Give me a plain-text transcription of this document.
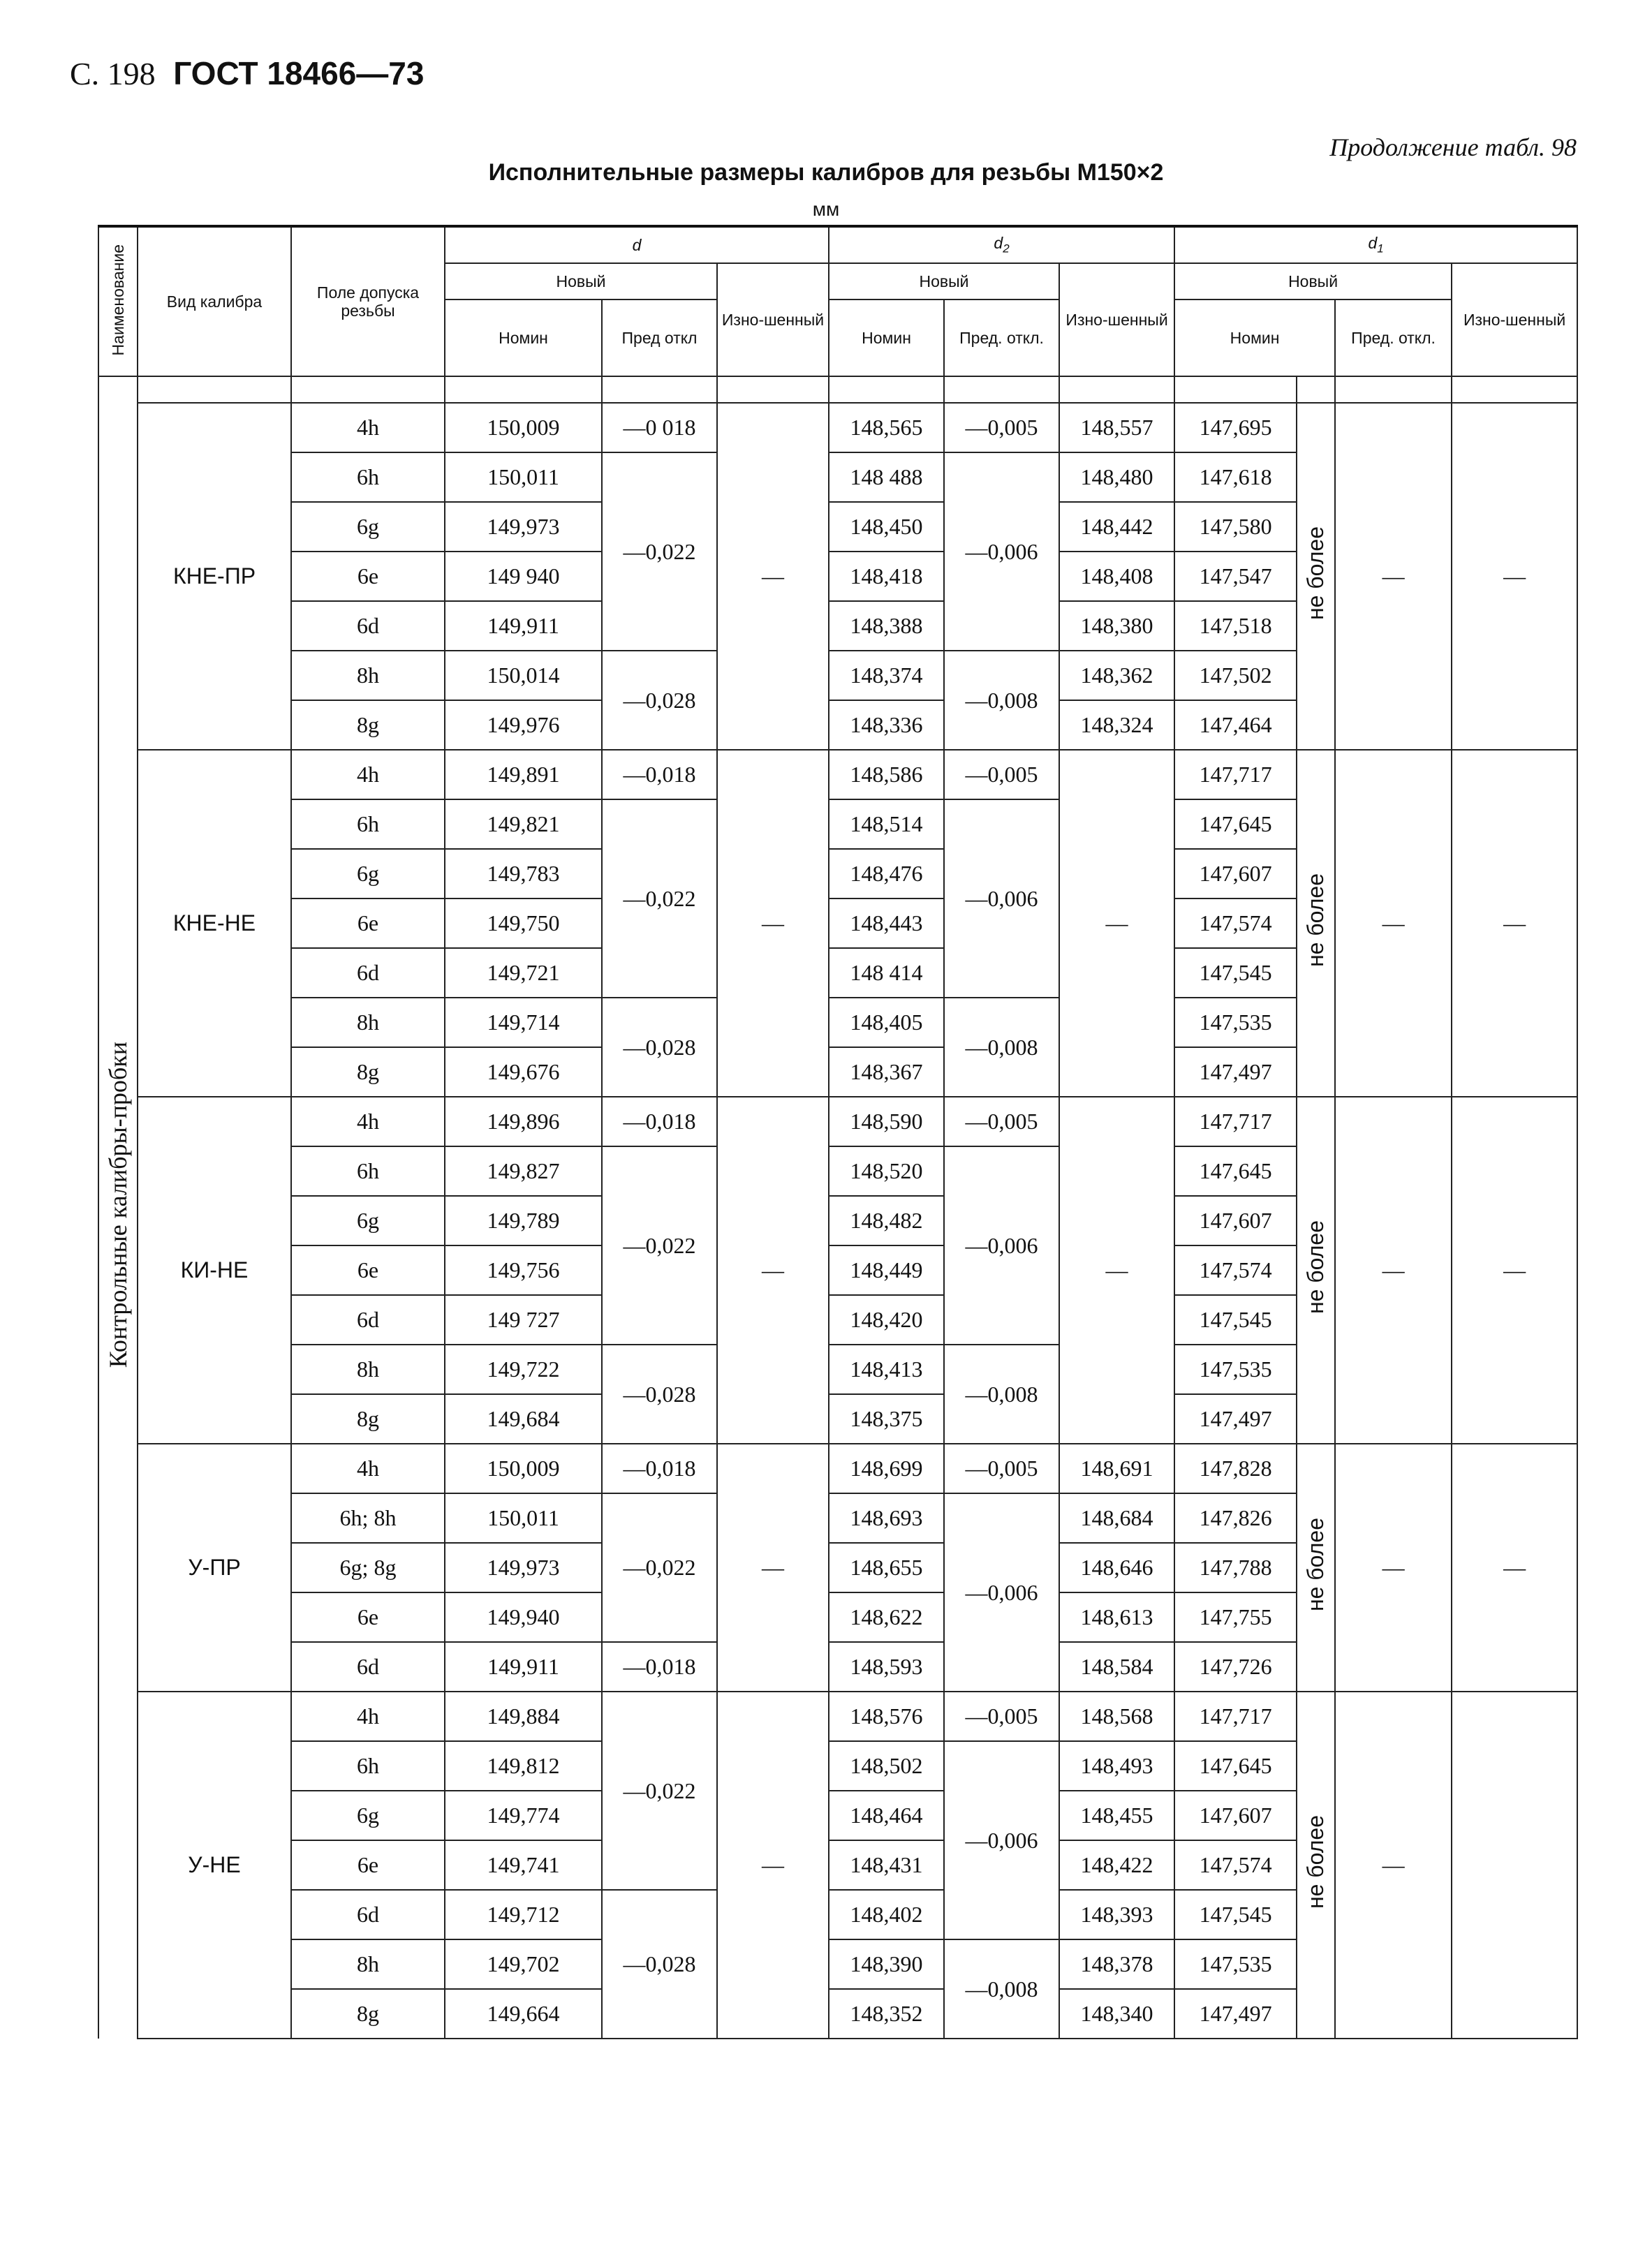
С. 198 ГОСТ 18466—73
Продолжение табл. 98
Исполнительные размеры калибров для резьбы М150×2
мм
Наименование	Вид калибра	Поле допуска резьбы	d			$d_2$			$d_1$
			Новый		Изно-шенный	Новый		Изно-шенный	Новый			Изно-шенный
			Номин	Пред откл		Номин	Пред. откл.		Номин		Пред. откл.	
Контрольные калибры-пробки												
	КНЕ-ПР	4h	150,009	—0 018	—	148,565	—0,005	148,557	147,695	не более	—	—
		6h	150,011	—0,022		148 488	—0,006	148,480	147,618			
		6g	149,973			148,450		148,442	147,580			
		6e	149 940			148,418		148,408	147,547			
		6d	149,911			148,388		148,380	147,518			
		8h	150,014	—0,028		148,374	—0,008	148,362	147,502			
		8g	149,976			148,336		148,324	147,464			
	КНЕ-НЕ	4h	149,891	—0,018	—	148,586	—0,005	—	147,717	не более	—	—
		6h	149,821	—0,022		148,514	—0,006		147,645			
		6g	149,783			148,476			147,607			
		6e	149,750			148,443			147,574			
		6d	149,721			148 414			147,545			
		8h	149,714	—0,028		148,405	—0,008		147,535			
		8g	149,676			148,367			147,497			
	КИ-НЕ	4h	149,896	—0,018	—	148,590	—0,005	—	147,717	не более	—	—
		6h	149,827	—0,022		148,520	—0,006		147,645			
		6g	149,789			148,482			147,607			
		6e	149,756			148,449			147,574			
		6d	149 727			148,420			147,545			
		8h	149,722	—0,028		148,413	—0,008		147,535			
		8g	149,684			148,375			147,497			
	У-ПР	4h	150,009	—0,018	—	148,699	—0,005	148,691	147,828	не более	—	—
		6h; 8h	150,011	—0,022		148,693	—0,006	148,684	147,826			
		6g; 8g	149,973			148,655		148,646	147,788			
		6e	149,940			148,622		148,613	147,755			
		6d	149,911	—0,018		148,593		148,584	147,726			
	У-НЕ	4h	149,884	—0,022	—	148,576	—0,005	148,568	147,717	не более	—	
		6h	149,812			148,502	—0,006	148,493	147,645			
		6g	149,774			148,464		148,455	147,607			
		6e	149,741			148,431		148,422	147,574			
		6d	149,712	—0,028		148,402		148,393	147,545			
		8h	149,702			148,390	—0,008	148,378	147,535			
		8g	149,664			148,352		148,340	147,497			
